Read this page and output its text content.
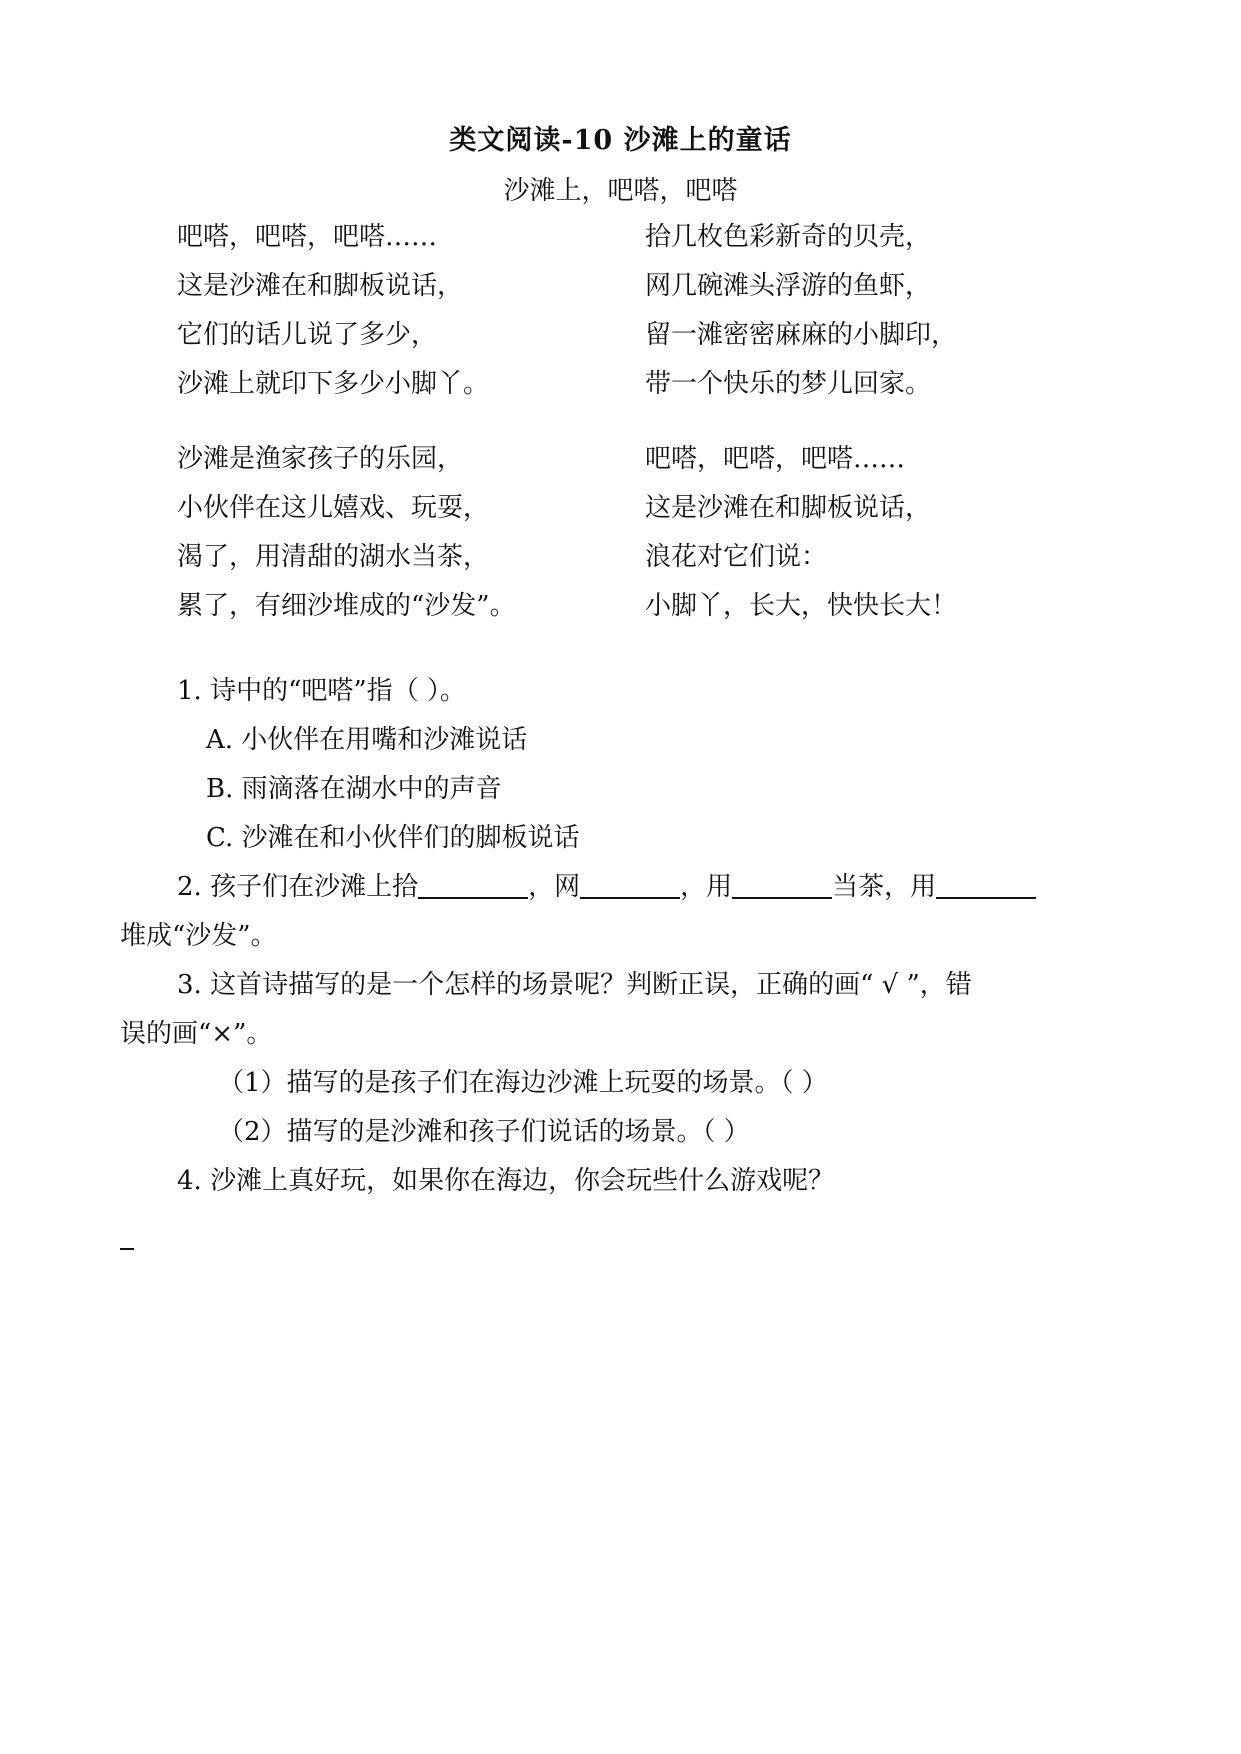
类文阅读-10 沙滩上的童话
沙滩上，吧嗒，吧嗒
吧嗒，吧嗒，吧嗒……
这是沙滩在和脚板说话，
它们的话儿说了多少，
沙滩上就印下多少小脚丫。
拾几枚色彩新奇的贝壳，
网几碗滩头浮游的鱼虾，
留一滩密密麻麻的小脚印，
带一个快乐的梦儿回家。
沙滩是渔家孩子的乐园，
小伙伴在这儿嬉戏、玩耍，
渴了，用清甜的湖水当茶，
累了，有细沙堆成的“沙发”。
吧嗒，吧嗒，吧嗒……
这是沙滩在和脚板说话，
浪花对它们说：
小脚丫，长大，快快长大！
1. 诗中的“吧嗒”指（ ）。
A. 小伙伴在用嘴和沙滩说话
B. 雨滴落在湖水中的声音
C. 沙滩在和小伙伴们的脚板说话
2. 孩子们在沙滩上拾	，网	，用	当茶，用
堆成“沙发”。
3. 这首诗描写的是一个怎样的场景呢？判断正误，正确的画“ √ ”，错
误的画“×”。
（1）描写的是孩子们在海边沙滩上玩耍的场景。（ ）
（2）描写的是沙滩和孩子们说话的场景。（ ）
4. 沙滩上真好玩，如果你在海边，你会玩些什么游戏呢？
